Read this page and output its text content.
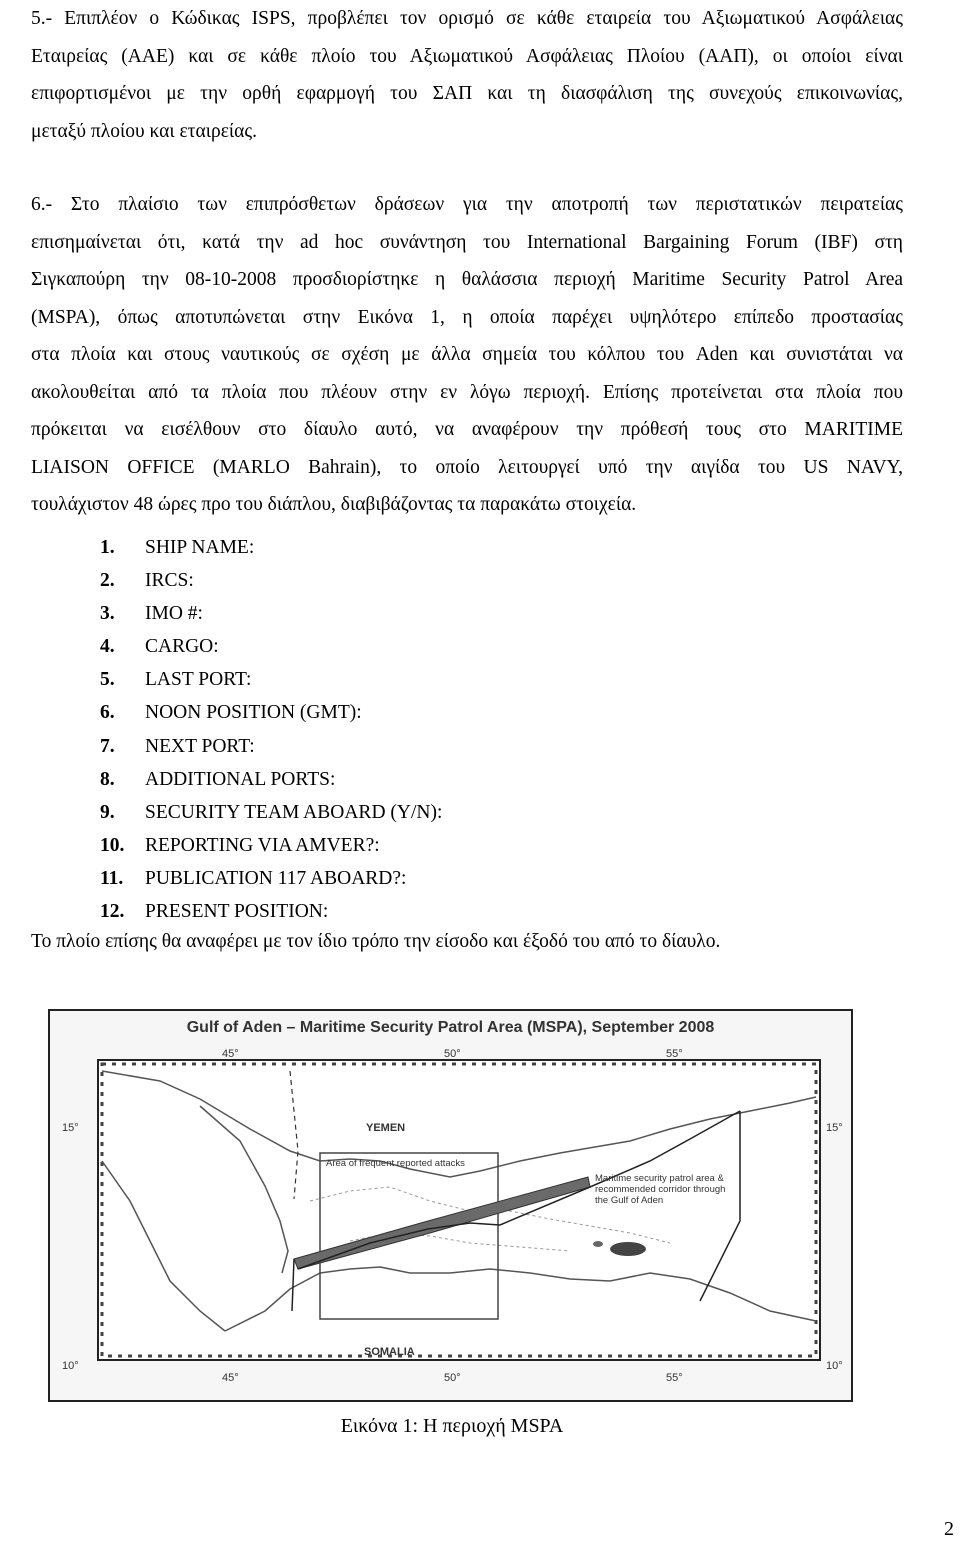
5.- Επιπλέον ο Κώδικας ISPS, προβλέπει τον ορισμό σε κάθε εταιρεία του Αξιωματικού Ασφάλειας
Εταιρείας (ΑΑΕ) και σε κάθε πλοίο του Αξιωματικού Ασφάλειας Πλοίου (ΑΑΠ), οι οποίοι είναι
επιφορτισμένοι με την ορθή εφαρμογή του ΣΑΠ και τη διασφάλιση της συνεχούς επικοινωνίας,
μεταξύ πλοίου και εταιρείας.
6.- Στο πλαίσιο των επιπρόσθετων δράσεων για την αποτροπή των περιστατικών πειρατείας
επισημαίνεται ότι, κατά την ad hoc συνάντηση του International Bargaining Forum (IBF) στη
Σιγκαπούρη την 08-10-2008 προσδιορίστηκε η θαλάσσια περιοχή Maritime Security Patrol Area
(MSPA), όπως αποτυπώνεται στην Εικόνα 1, η οποία παρέχει υψηλότερο επίπεδο προστασίας
στα πλοία και στους ναυτικούς σε σχέση με άλλα σημεία του κόλπου του Aden και συνιστάται να
ακολουθείται από τα πλοία που πλέουν στην εν λόγω περιοχή. Επίσης προτείνεται στα πλοία που
πρόκειται να εισέλθουν στο δίαυλο αυτό, να αναφέρουν την πρόθεσή τους στο MARITIME
LIAISON OFFICE (MARLO Bahrain), το οποίο λειτουργεί υπό την αιγίδα του US NAVY,
τουλάχιστον 48 ώρες προ του διάπλου, διαβιβάζοντας τα παρακάτω στοιχεία.
1. SHIP NAME:
2. IRCS:
3. IMO #:
4. CARGO:
5. LAST PORT:
6. NOON POSITION (GMT):
7. NEXT PORT:
8. ADDITIONAL PORTS:
9. SECURITY TEAM ABOARD (Y/N):
10. REPORTING VIA AMVER?:
11. PUBLICATION 117 ABOARD?:
12. PRESENT POSITION:
Το πλοίο επίσης θα αναφέρει με τον ίδιο τρόπο την είσοδο και έξοδό του από το δίαυλο.
Area of frequent reported attacks
YEMEN
SOMALIA
Maritime security patrol area &
recommended corridor through
the Gulf of Aden
45°	50°	55°
45°	50°	55°
15°
10°
15°
10°
Gulf of Aden – Maritime Security Patrol Area (MSPA), September 2008
Εικόνα 1: Η περιοχή MSPA
2
